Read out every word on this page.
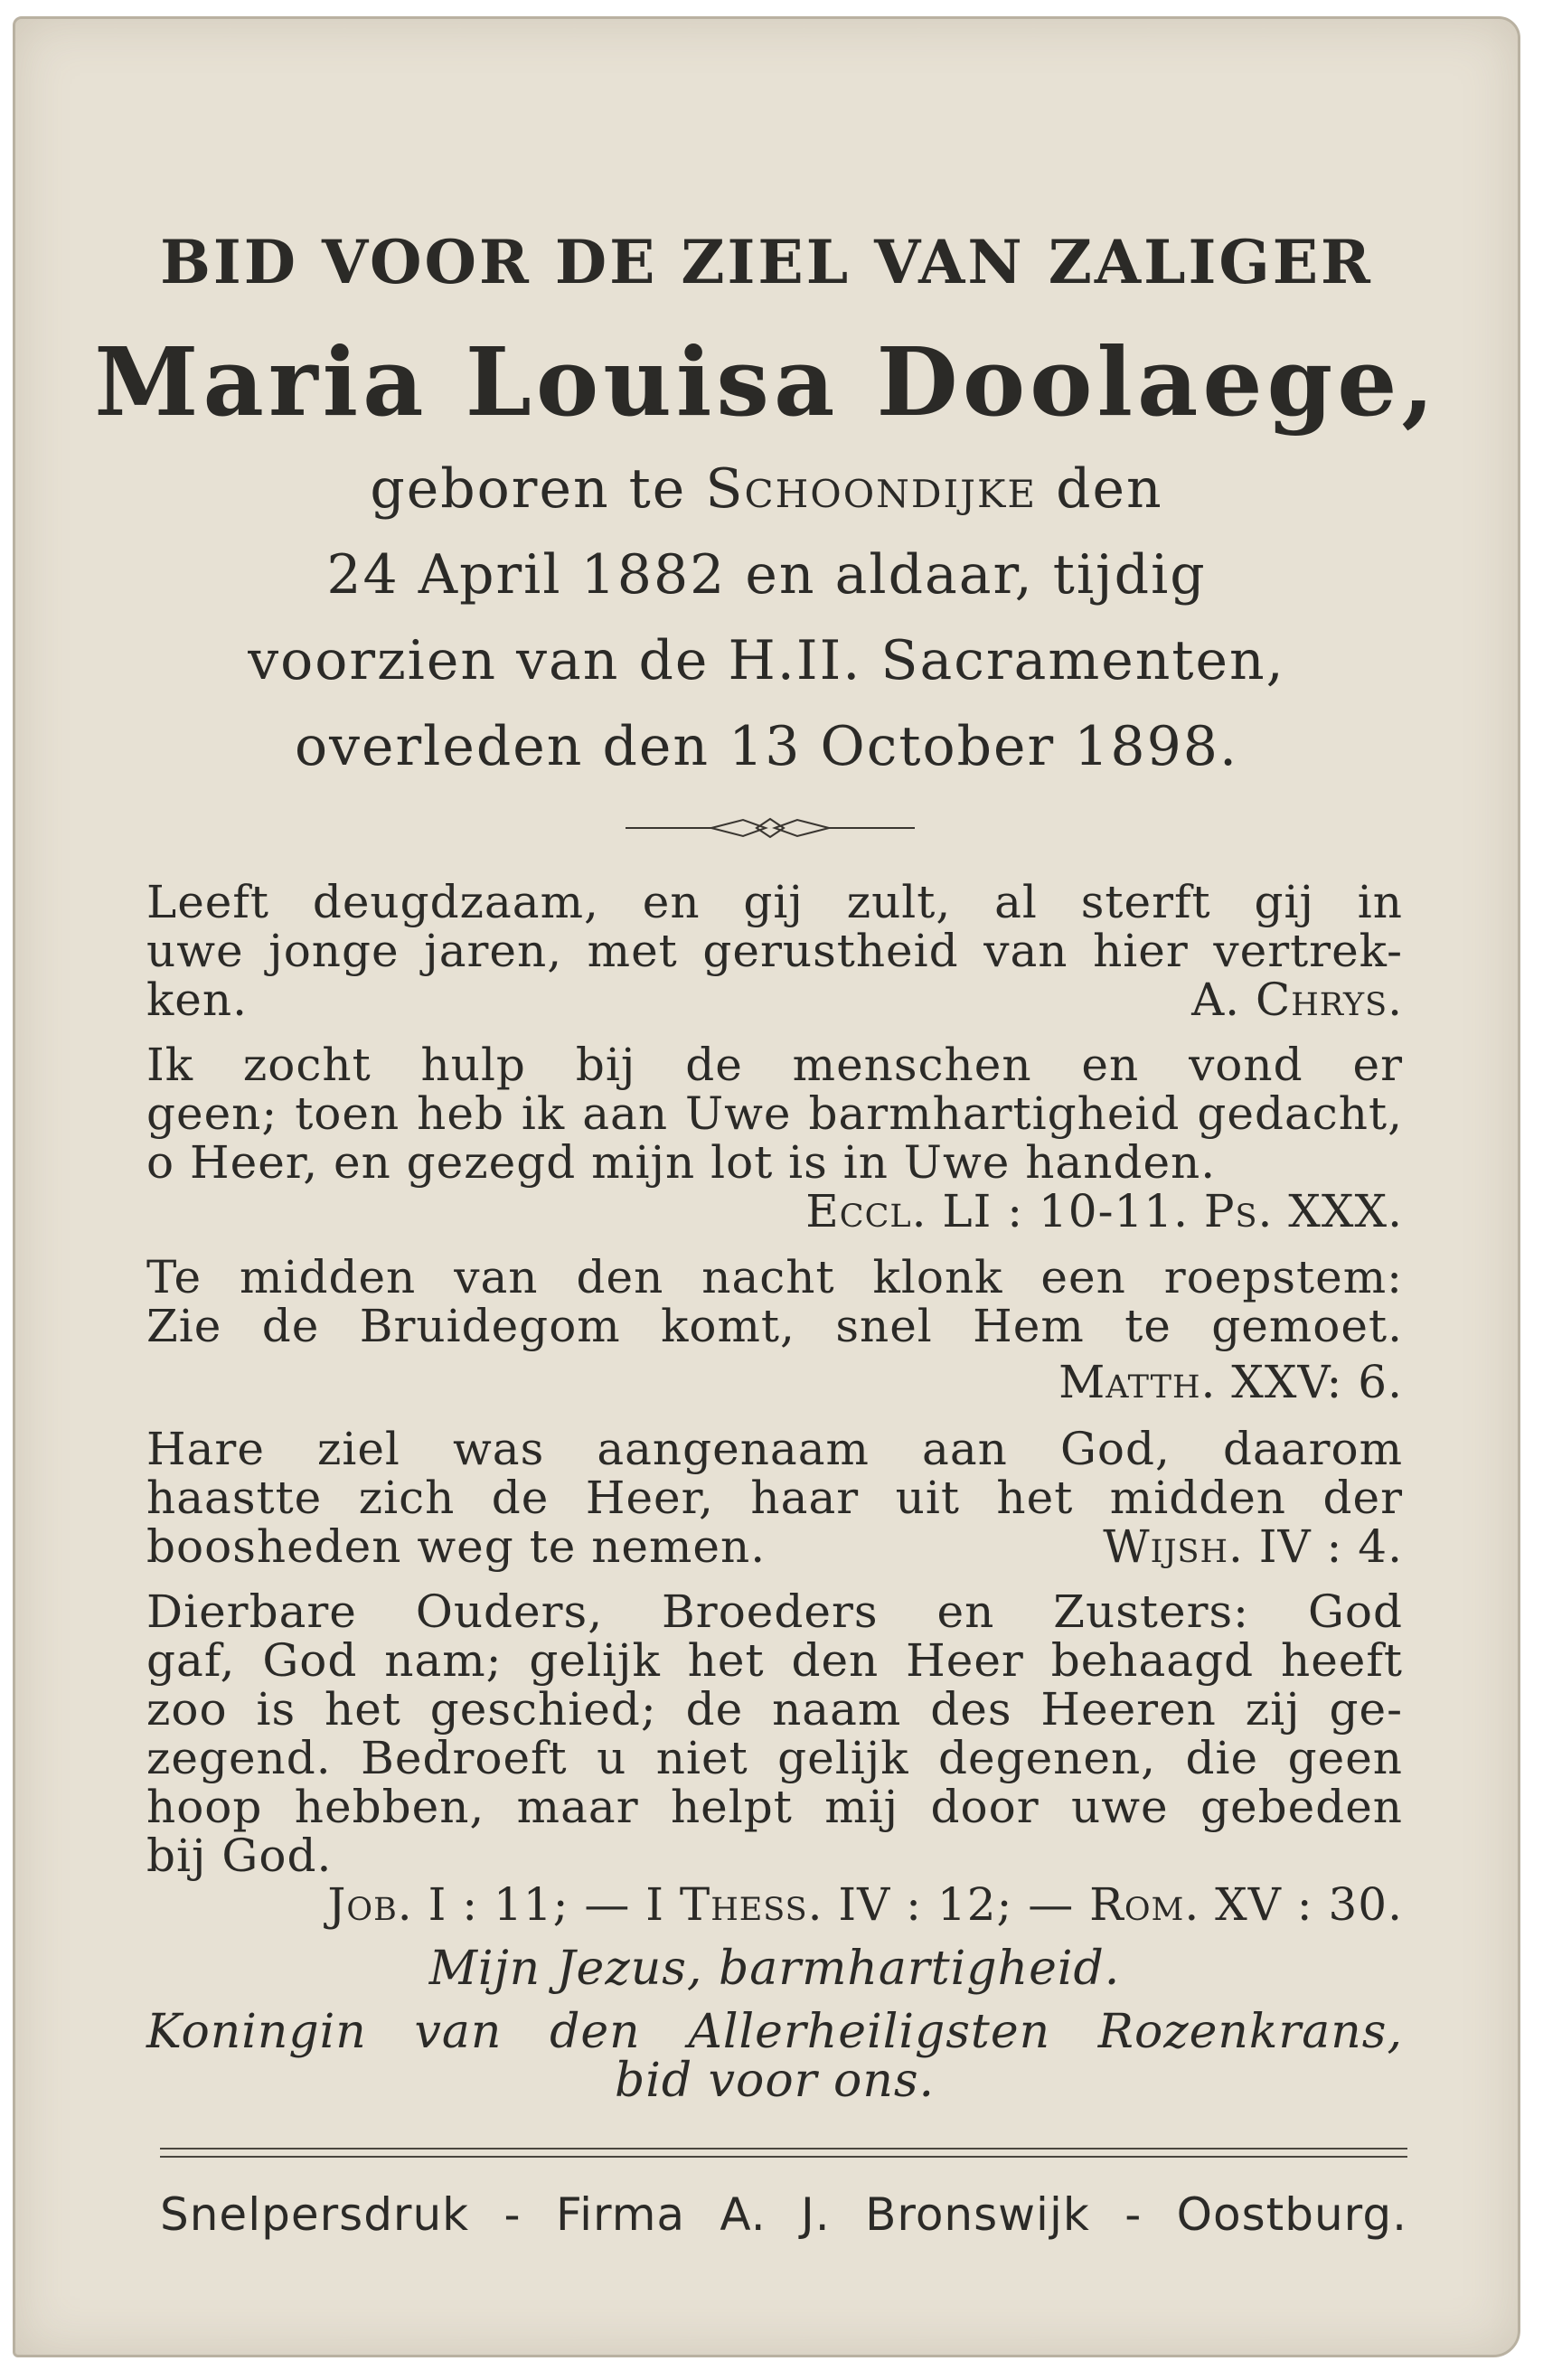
BID VOOR DE ZIEL VAN ZALIGER
Maria Louisa Doolaege,
geboren te Schoondijke den
24 April 1882 en aldaar, tijdig
voorzien van de H.II. Sacramenten,
overleden den 13 October 1898.
Leeft deugdzaam, en gij zult, al sterft gij in
uwe jonge jaren, met gerustheid van hier vertrek-
ken.	A. Chrys.
Ik zocht hulp bij de menschen en vond er
geen; toen heb ik aan Uwe barmhartigheid gedacht,
o Heer, en gezegd mijn lot is in Uwe handen.
Eccl. LI : 10-11. Ps. XXX.
Te midden van den nacht klonk een roepstem:
Zie de Bruidegom komt, snel Hem te gemoet.
Matth. XXV: 6.
Hare ziel was aangenaam aan God, daarom
haastte zich de Heer, haar uit het midden der
boosheden weg te nemen.	Wijsh. IV : 4.
Dierbare Ouders, Broeders en Zusters: God
gaf, God nam; gelijk het den Heer behaagd heeft
zoo is het geschied; de naam des Heeren zij ge-
zegend. Bedroeft u niet gelijk degenen, die geen
hoop hebben, maar helpt mij door uwe gebeden
bij God.
Job. I : 11; — I Thess. IV : 12; — Rom. XV : 30.
Mijn Jezus, barmhartigheid.
Koningin van den Allerheiligsten Rozenkrans,
bid voor ons.
Snelpersdruk - Firma A. J. Bronswijk - Oostburg.
